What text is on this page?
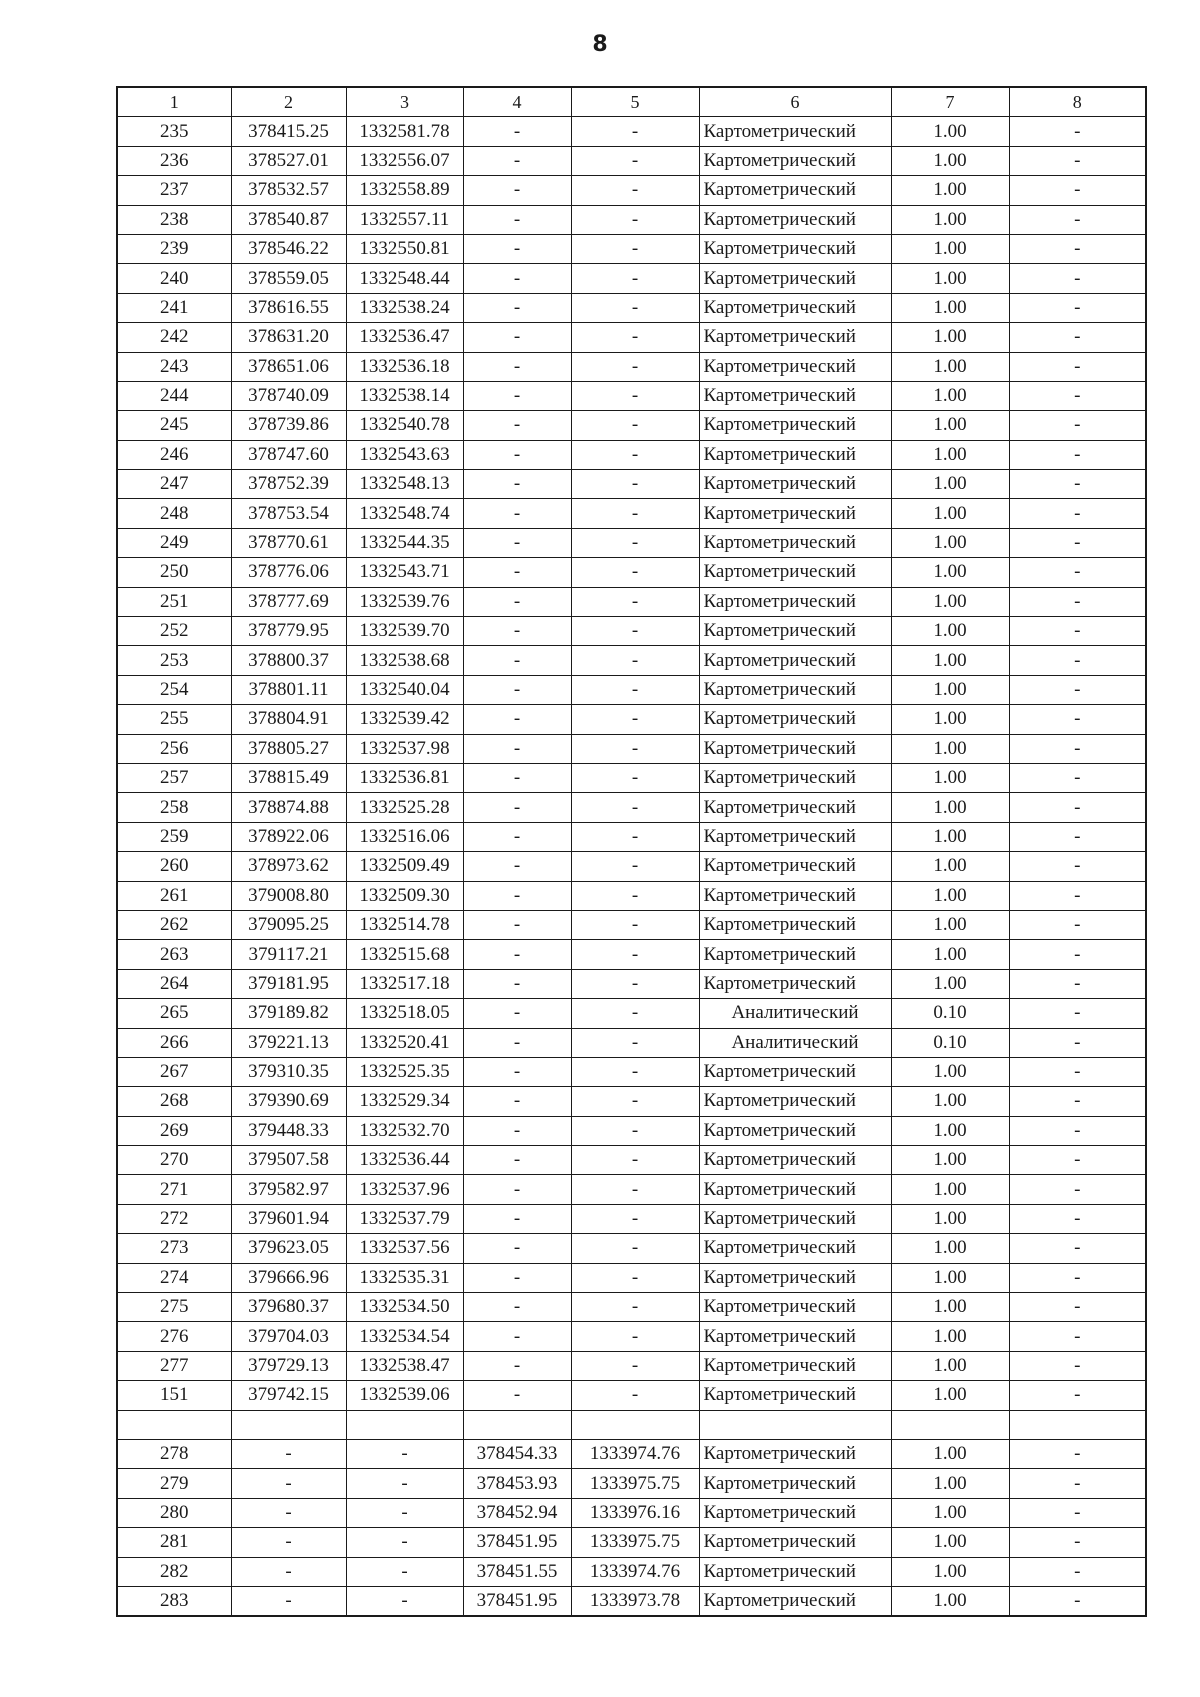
8
1	2	3	4	5	6	7	8
235	378415.25	1332581.78	-	-	Картометрический	1.00	-
236	378527.01	1332556.07	-	-	Картометрический	1.00	-
237	378532.57	1332558.89	-	-	Картометрический	1.00	-
238	378540.87	1332557.11	-	-	Картометрический	1.00	-
239	378546.22	1332550.81	-	-	Картометрический	1.00	-
240	378559.05	1332548.44	-	-	Картометрический	1.00	-
241	378616.55	1332538.24	-	-	Картометрический	1.00	-
242	378631.20	1332536.47	-	-	Картометрический	1.00	-
243	378651.06	1332536.18	-	-	Картометрический	1.00	-
244	378740.09	1332538.14	-	-	Картометрический	1.00	-
245	378739.86	1332540.78	-	-	Картометрический	1.00	-
246	378747.60	1332543.63	-	-	Картометрический	1.00	-
247	378752.39	1332548.13	-	-	Картометрический	1.00	-
248	378753.54	1332548.74	-	-	Картометрический	1.00	-
249	378770.61	1332544.35	-	-	Картометрический	1.00	-
250	378776.06	1332543.71	-	-	Картометрический	1.00	-
251	378777.69	1332539.76	-	-	Картометрический	1.00	-
252	378779.95	1332539.70	-	-	Картометрический	1.00	-
253	378800.37	1332538.68	-	-	Картометрический	1.00	-
254	378801.11	1332540.04	-	-	Картометрический	1.00	-
255	378804.91	1332539.42	-	-	Картометрический	1.00	-
256	378805.27	1332537.98	-	-	Картометрический	1.00	-
257	378815.49	1332536.81	-	-	Картометрический	1.00	-
258	378874.88	1332525.28	-	-	Картометрический	1.00	-
259	378922.06	1332516.06	-	-	Картометрический	1.00	-
260	378973.62	1332509.49	-	-	Картометрический	1.00	-
261	379008.80	1332509.30	-	-	Картометрический	1.00	-
262	379095.25	1332514.78	-	-	Картометрический	1.00	-
263	379117.21	1332515.68	-	-	Картометрический	1.00	-
264	379181.95	1332517.18	-	-	Картометрический	1.00	-
265	379189.82	1332518.05	-	-	Аналитический	0.10	-
266	379221.13	1332520.41	-	-	Аналитический	0.10	-
267	379310.35	1332525.35	-	-	Картометрический	1.00	-
268	379390.69	1332529.34	-	-	Картометрический	1.00	-
269	379448.33	1332532.70	-	-	Картометрический	1.00	-
270	379507.58	1332536.44	-	-	Картометрический	1.00	-
271	379582.97	1332537.96	-	-	Картометрический	1.00	-
272	379601.94	1332537.79	-	-	Картометрический	1.00	-
273	379623.05	1332537.56	-	-	Картометрический	1.00	-
274	379666.96	1332535.31	-	-	Картометрический	1.00	-
275	379680.37	1332534.50	-	-	Картометрический	1.00	-
276	379704.03	1332534.54	-	-	Картометрический	1.00	-
277	379729.13	1332538.47	-	-	Картометрический	1.00	-
151	379742.15	1332539.06	-	-	Картометрический	1.00	-

278	-	-	378454.33	1333974.76	Картометрический	1.00	-
279	-	-	378453.93	1333975.75	Картометрический	1.00	-
280	-	-	378452.94	1333976.16	Картометрический	1.00	-
281	-	-	378451.95	1333975.75	Картометрический	1.00	-
282	-	-	378451.55	1333974.76	Картометрический	1.00	-
283	-	-	378451.95	1333973.78	Картометрический	1.00	-
